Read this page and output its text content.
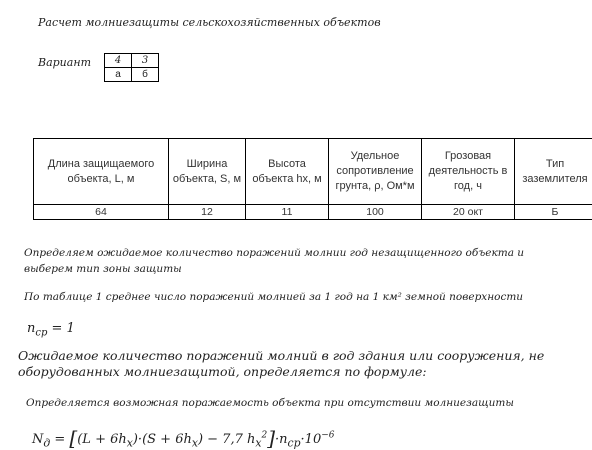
Расчет молниезащиты сельскохозяйственных объектов
Вариант 4	3
а	б
Длина защищаемого объекта, L, м	Ширина объекта, S, м	Высота объекта hx, м	Удельное сопротивление грунта, ρ, Ом*м	Грозовая деятельность в год, ч	Тип заземлителя
64	12	11	100	20 окт	Б
Определяем ожидаемое количество поражений молнии год незащищенного объекта и выберем тип зоны защиты
По таблице 1 среднее число поражений молнией за 1 год на 1 км² земной поверхности
$n_{ср} = 1$
Ожидаемое количество поражений молний в год здания или сооружения, не оборудованных молниезащитой, определяется по формуле:
Определяется возможная поражаемость объекта при отсутствии молниезащиты
$N_д = [(L + 6h_x)\cdot(S + 6h_x) - 7,7$ $h_x^2]\cdot n_{ср}\cdot 10^{-6}$
